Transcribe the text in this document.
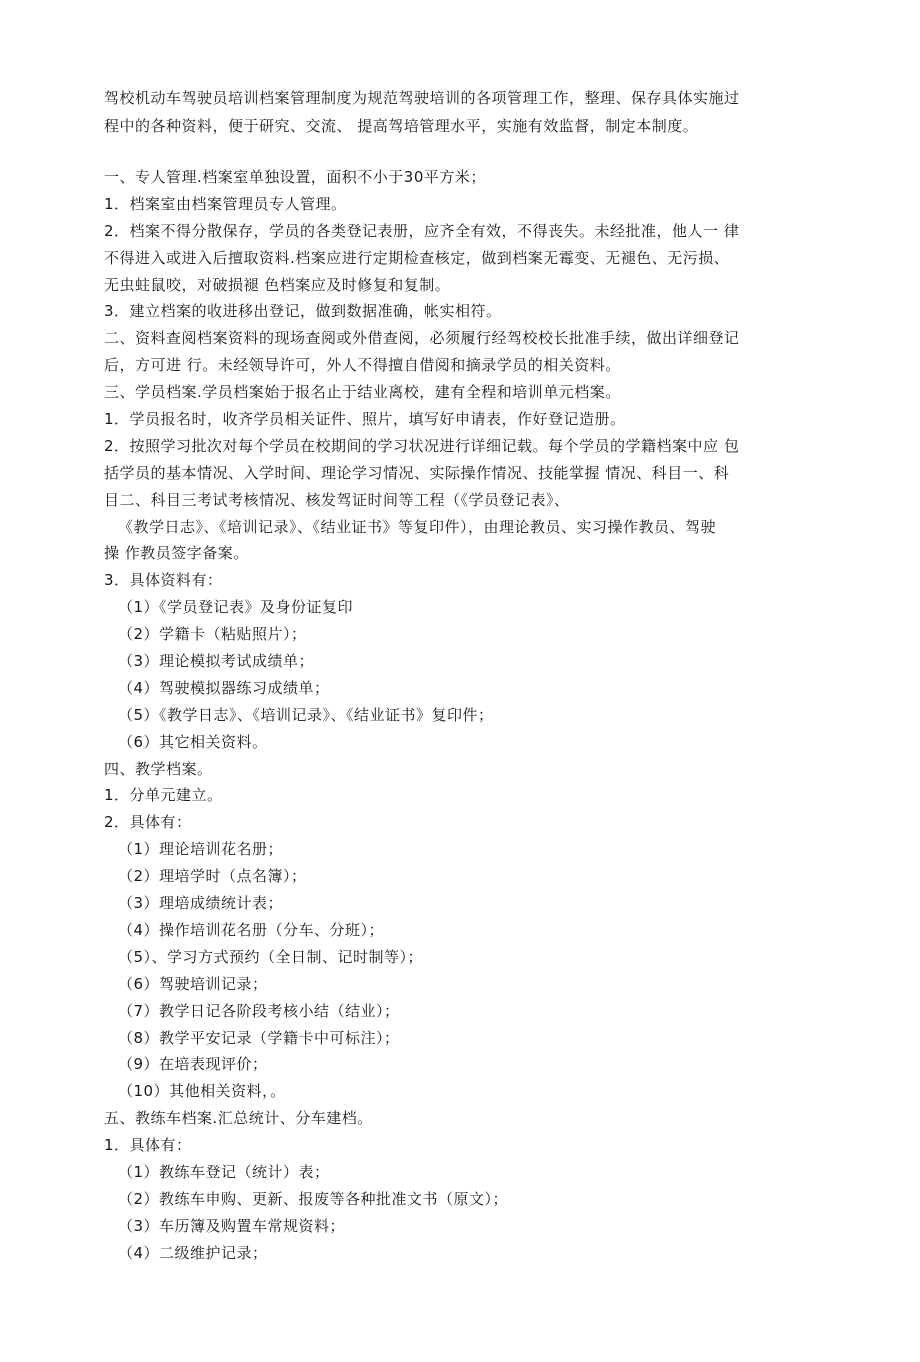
驾校机动车驾驶员培训档案管理制度为规范驾驶培训的各项管理工作，整理、保存具体实施过
程中的各种资料，便于研究、交流、 提高驾培管理水平，实施有效监督，制定本制度。
一、专人管理.档案室单独设置，面积不小于30平方米；
1．档案室由档案管理员专人管理。
2．档案不得分散保存，学员的各类登记表册，应齐全有效，不得丧失。未经批准，他人一 律
不得进入或进入后擅取资料.档案应进行定期检查核定，做到档案无霉变、无褪色、无污损、
无虫蛀鼠咬，对破损褪 色档案应及时修复和复制。
3．建立档案的收进移出登记，做到数据准确，帐实相符。
二、资料查阅档案资料的现场查阅或外借查阅，必须履行经驾校校长批准手续，做出详细登记
后，方可进 行。未经领导许可，外人不得擅自借阅和摘录学员的相关资料。
三、学员档案.学员档案始于报名止于结业离校，建有全程和培训单元档案。
1．学员报名时，收齐学员相关证件、照片，填写好申请表，作好登记造册。
2．按照学习批次对每个学员在校期间的学习状况进行详细记载。每个学员的学籍档案中应 包
括学员的基本情况、入学时间、理论学习情况、实际操作情况、技能掌握 情况、科目一、科
目二、科目三考试考核情况、核发驾证时间等工程（《学员登记表》、
《教学日志》、《培训记录》、《结业证书》等复印件），由理论教员、实习操作教员、驾驶
操 作教员签字备案。
3．具体资料有：
（1）《学员登记表》及身份证复印
（2）学籍卡（粘贴照片）；
（3）理论模拟考试成绩单；
（4）驾驶模拟器练习成绩单；
（5）《教学日志》、《培训记录》、《结业证书》复印件；
（6）其它相关资料。
四、教学档案。
1．分单元建立。
2．具体有：
（1）理论培训花名册；
（2）理培学时（点名簿）；
（3）理培成绩统计表；
（4）操作培训花名册（分车、分班）；
（5）、学习方式预约（全日制、记时制等）；
（6）驾驶培训记录；
（7）教学日记各阶段考核小结（结业）；
（8）教学平安记录（学籍卡中可标注）；
（9）在培表现评价；
（10）其他相关资料，。
五、教练车档案.汇总统计、分车建档。
1．具体有：
（1）教练车登记（统计）表；
（2）教练车申购、更新、报废等各种批准文书（原文）；
（3）车历簿及购置车常规资料；
（4）二级维护记录；
